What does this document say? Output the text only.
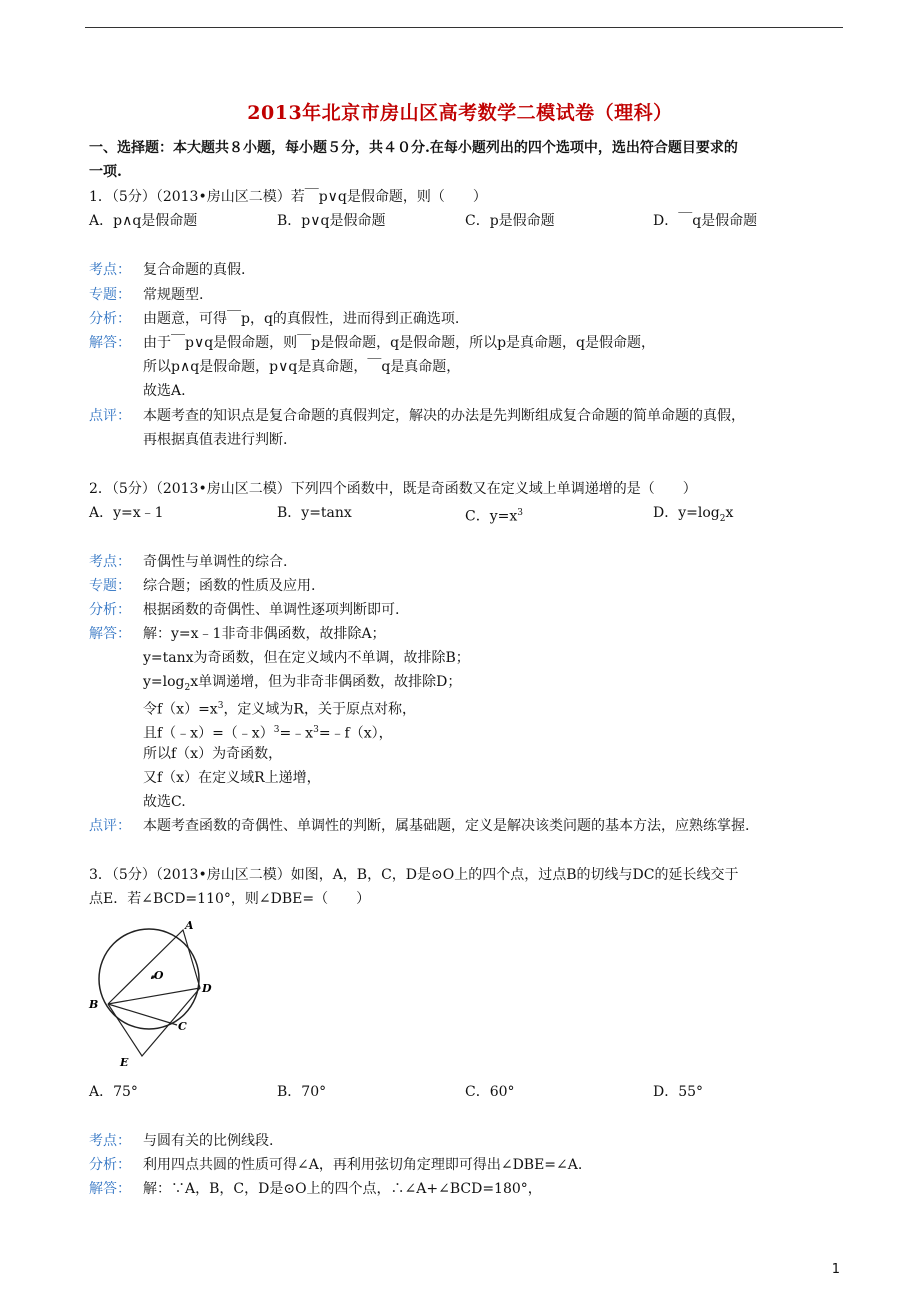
2013年北京市房山区高考数学二模试卷（理科）
一、选择题：本大题共８小题，每小题５分，共４０分.在每小题列出的四个选项中，选出符合题目要求的
一项.
1．（5分）（2013•房山区二模）若￣p∨q是假命题，则（　　）
A．p∧q是假命题	B．p∨q是假命题	C．p是假命题	D．￣q是假命题
考点： 复合命题的真假.
专题： 常规题型.
分析： 由题意，可得￣p，q的真假性，进而得到正确选项.
解答： 由于￣p∨q是假命题，则￣p是假命题，q是假命题，所以p是真命题，q是假命题，
所以p∧q是假命题，p∨q是真命题，￣q是真命题，
故选A.
点评： 本题考查的知识点是复合命题的真假判定，解决的办法是先判断组成复合命题的简单命题的真假，
再根据真值表进行判断.
2．（5分）（2013•房山区二模）下列四个函数中，既是奇函数又在定义域上单调递增的是（　　）
A．y=x﹣1	B．y=tanx	C．$y=x^3$	D．$y=\log_2x$
考点： 奇偶性与单调性的综合.
专题： 综合题；函数的性质及应用.
分析： 根据函数的奇偶性、单调性逐项判断即可.
解答： 解：y=x﹣1非奇非偶函数，故排除A；
y=tanx为奇函数，但在定义域内不单调，故排除B；
$y=\log_2x$单调递增，但为非奇非偶函数，故排除D；
令$f(x)=x^3$，定义域为R，关于原点对称，
且$f(﹣x)=(﹣x)^3=﹣x^3=﹣f(x)$，
所以f（x）为奇函数，
又f（x）在定义域R上递增，
故选C.
点评： 本题考查函数的奇偶性、单调性的判断，属基础题，定义是解决该类问题的基本方法，应熟练掌握.
3．（5分）（2013•房山区二模）如图，A，B，C，D是⊙O上的四个点，过点B的切线与DC的延长线交于
点E．若∠BCD=110°，则∠DBE=（　　）
A
B
C
D
E
.O
A．75°	B．70°	C．60°	D．55°
考点： 与圆有关的比例线段.
分析： 利用四点共圆的性质可得∠A，再利用弦切角定理即可得出∠DBE=∠A.
解答： 解：∵A，B，C，D是⊙O上的四个点，∴∠A+∠BCD=180°，
1
